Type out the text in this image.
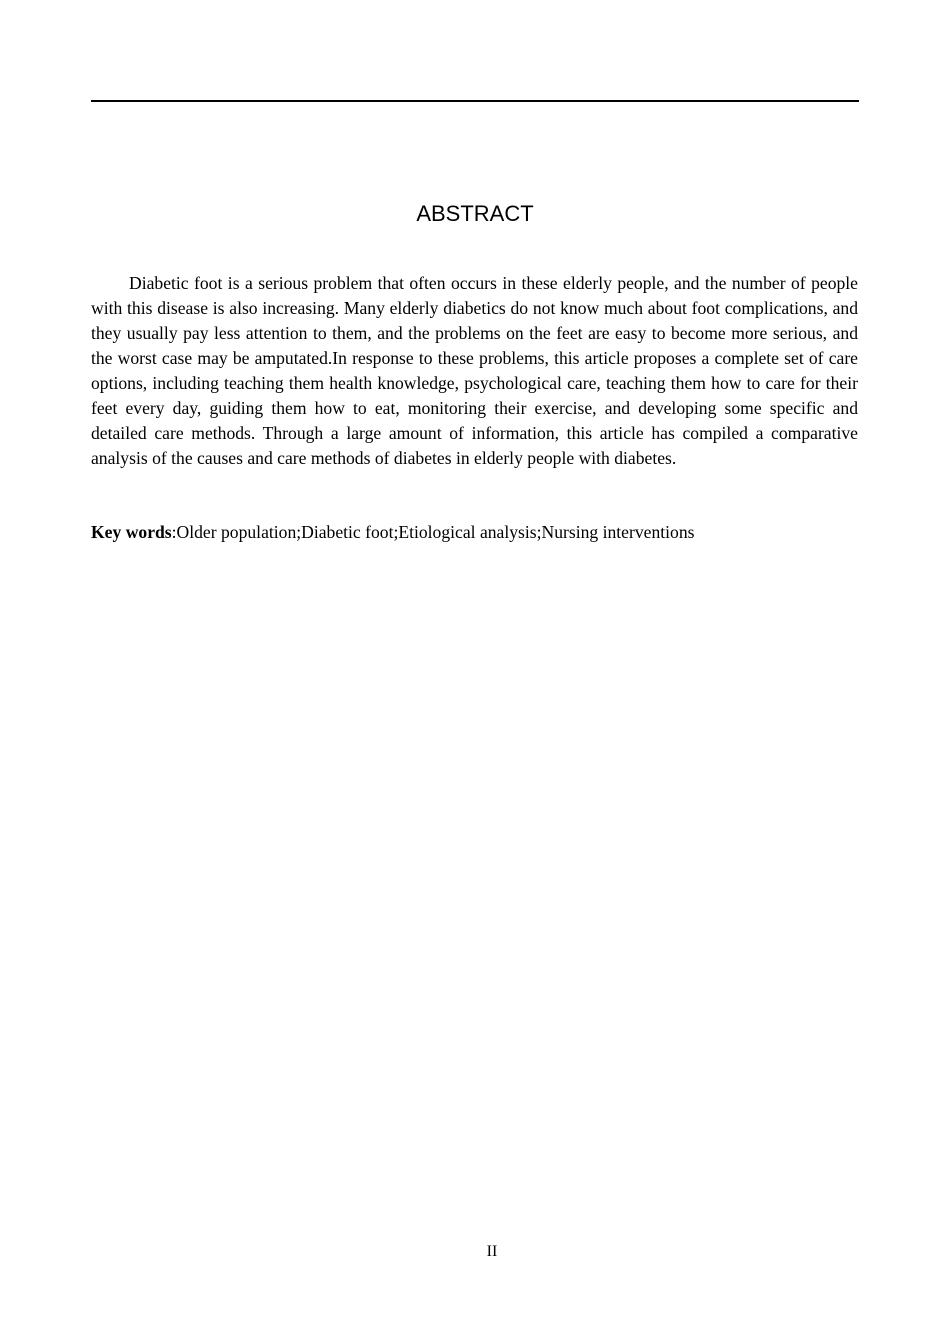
ABSTRACT

Diabetic foot is a serious problem that often occurs in these elderly people, and the number of people with this disease is also increasing. Many elderly diabetics do not know much about foot complications, and they usually pay less attention to them, and the problems on the feet are easy to become more serious, and the worst case may be amputated.In response to these problems, this article proposes a complete set of care options, including teaching them health knowledge, psychological care, teaching them how to care for their feet every day, guiding them how to eat, monitoring their exercise, and developing some specific and detailed care methods. Through a large amount of information, this article has compiled a comparative analysis of the causes and care methods of diabetes in elderly people with diabetes.

Key words:Older population;Diabetic foot;Etiological analysis;Nursing interventions

II
